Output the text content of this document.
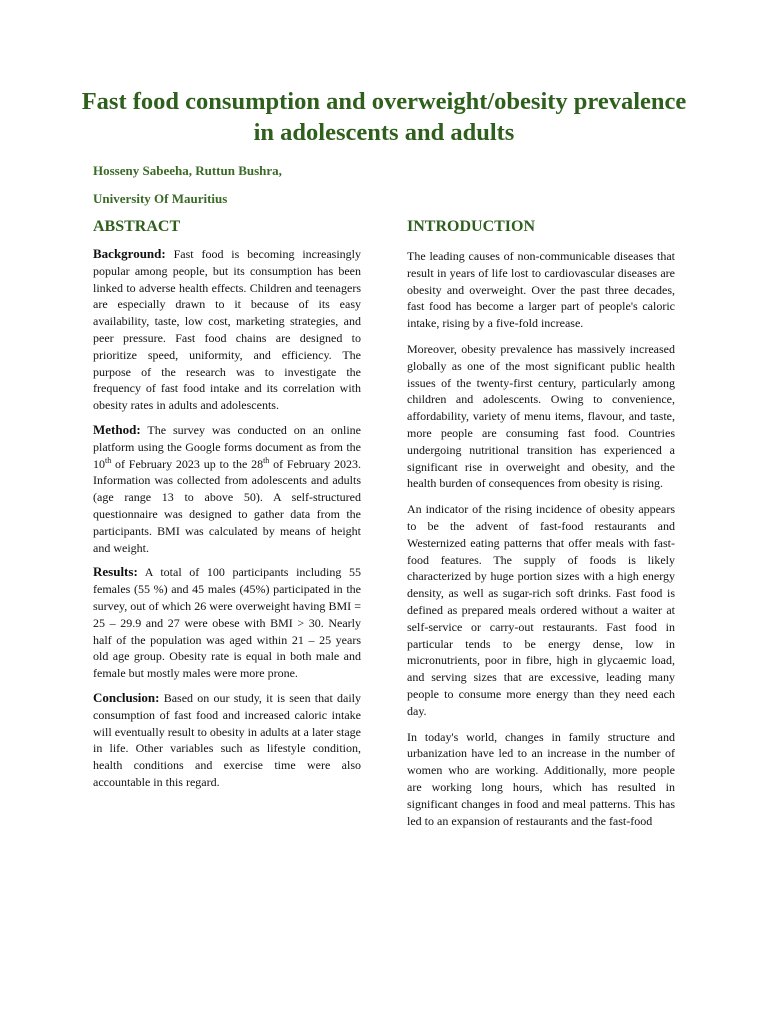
Fast food consumption and overweight/obesity prevalence in adolescents and adults

Hosseny Sabeeha, Ruttun Bushra,

University Of Mauritius

ABSTRACT

Background: Fast food is becoming increasingly popular among people, but its consumption has been linked to adverse health effects. Children and teenagers are especially drawn to it because of its easy availability, taste, low cost, marketing strategies, and peer pressure. Fast food chains are designed to prioritize speed, uniformity, and efficiency. The purpose of the research was to investigate the frequency of fast food intake and its correlation with obesity rates in adults and adolescents.

Method: The survey was conducted on an online platform using the Google forms document as from the 10th of February 2023 up to the 28th of February 2023. Information was collected from adolescents and adults (age range 13 to above 50). A self-structured questionnaire was designed to gather data from the participants. BMI was calculated by means of height and weight.

Results: A total of 100 participants including 55 females (55 %) and 45 males (45%) participated in the survey, out of which 26 were overweight having BMI = 25 – 29.9 and 27 were obese with BMI > 30. Nearly half of the population was aged within 21 – 25 years old age group. Obesity rate is equal in both male and female but mostly males were more prone.

Conclusion: Based on our study, it is seen that daily consumption of fast food and increased caloric intake will eventually result to obesity in adults at a later stage in life. Other variables such as lifestyle condition, health conditions and exercise time were also accountable in this regard.

INTRODUCTION

The leading causes of non-communicable diseases that result in years of life lost to cardiovascular diseases are obesity and overweight. Over the past three decades, fast food has become a larger part of people's caloric intake, rising by a five-fold increase.

Moreover, obesity prevalence has massively increased globally as one of the most significant public health issues of the twenty-first century, particularly among children and adolescents. Owing to convenience, affordability, variety of menu items, flavour, and taste, more people are consuming fast food. Countries undergoing nutritional transition has experienced a significant rise in overweight and obesity, and the health burden of consequences from obesity is rising.

An indicator of the rising incidence of obesity appears to be the advent of fast-food restaurants and Westernized eating patterns that offer meals with fast-food features. The supply of foods is likely characterized by huge portion sizes with a high energy density, as well as sugar-rich soft drinks. Fast food is defined as prepared meals ordered without a waiter at self-service or carry-out restaurants. Fast food in particular tends to be energy dense, low in micronutrients, poor in fibre, high in glycaemic load, and serving sizes that are excessive, leading many people to consume more energy than they need each day.

In today's world, changes in family structure and urbanization have led to an increase in the number of women who are working. Additionally, more people are working long hours, which has resulted in significant changes in food and meal patterns. This has led to an expansion of restaurants and the fast-food
